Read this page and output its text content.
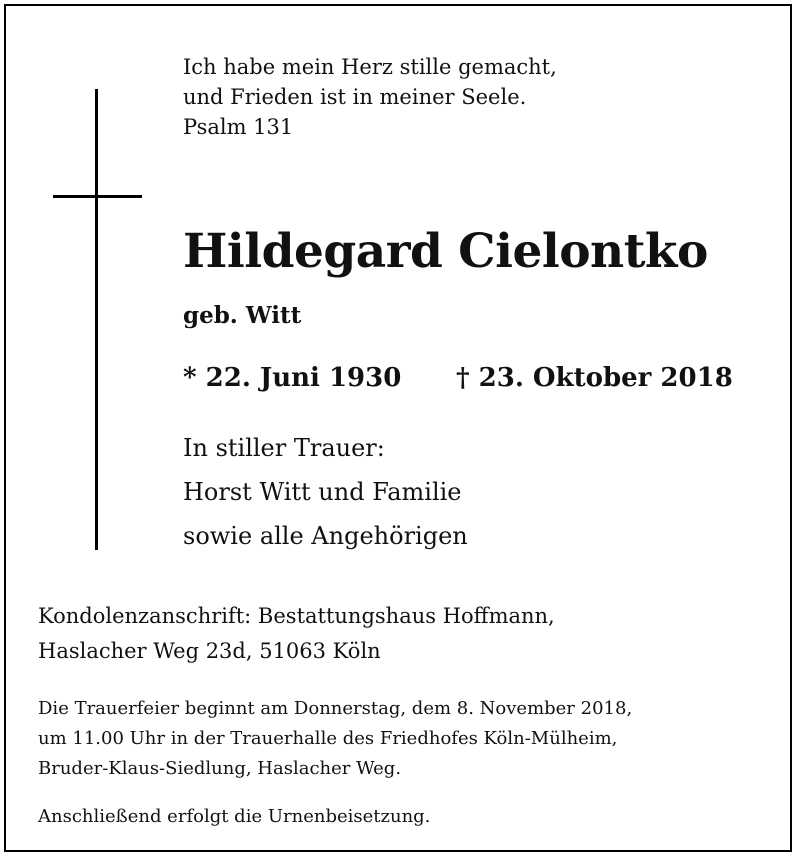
Ich habe mein Herz stille gemacht,
und Frieden ist in meiner Seele.
Psalm 131
Hildegard Cielontko
geb. Witt
* 22. Juni 1930 † 23. Oktober 2018
In stiller Trauer:
Horst Witt und Familie
sowie alle Angehörigen
Kondolenzanschrift: Bestattungshaus Hoffmann,
Haslacher Weg 23d, 51063 Köln
Die Trauerfeier beginnt am Donnerstag, dem 8. November 2018,
um 11.00 Uhr in der Trauerhalle des Friedhofes Köln-Mülheim,
Bruder-Klaus-Siedlung, Haslacher Weg.
Anschließend erfolgt die Urnenbeisetzung.
